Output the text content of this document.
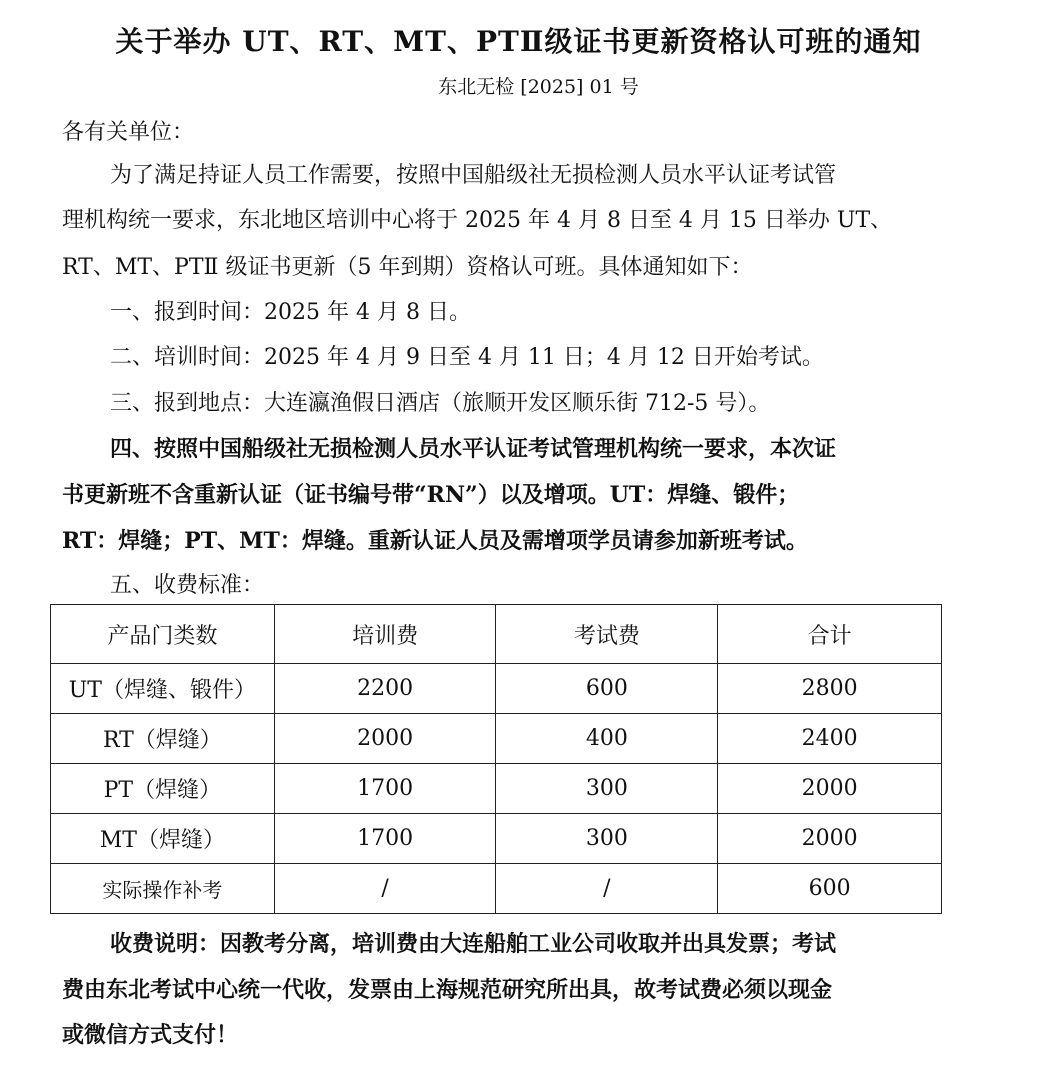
关于举办 UT、RT、MT、PTⅡ级证书更新资格认可班的通知
东北无检 [2025] 01 号
各有关单位：
为了满足持证人员工作需要，按照中国船级社无损检测人员水平认证考试管
理机构统一要求，东北地区培训中心将于 2025 年 4 月 8 日至 4 月 15 日举办 UT、
RT、MT、PTⅡ 级证书更新（5 年到期）资格认可班。具体通知如下：
一、报到时间：2025 年 4 月 8 日。
二、培训时间：2025 年 4 月 9 日至 4 月 11 日；4 月 12 日开始考试。
三、报到地点：大连瀛渔假日酒店（旅顺开发区顺乐街 712-5 号）。
四、按照中国船级社无损检测人员水平认证考试管理机构统一要求，本次证
书更新班不含重新认证（证书编号带“RN”）以及增项。UT：焊缝、锻件；
RT：焊缝；PT、MT：焊缝。重新认证人员及需增项学员请参加新班考试。
五、收费标准：
产品门类数	培训费	考试费	合计
UT（焊缝、锻件）	2200	600	2800
RT（焊缝）	2000	400	2400
PT（焊缝）	1700	300	2000
MT（焊缝）	1700	300	2000
实际操作补考	/	/	600
收费说明：因教考分离，培训费由大连船舶工业公司收取并出具发票；考试
费由东北考试中心统一代收，发票由上海规范研究所出具，故考试费必须以现金
或微信方式支付！
